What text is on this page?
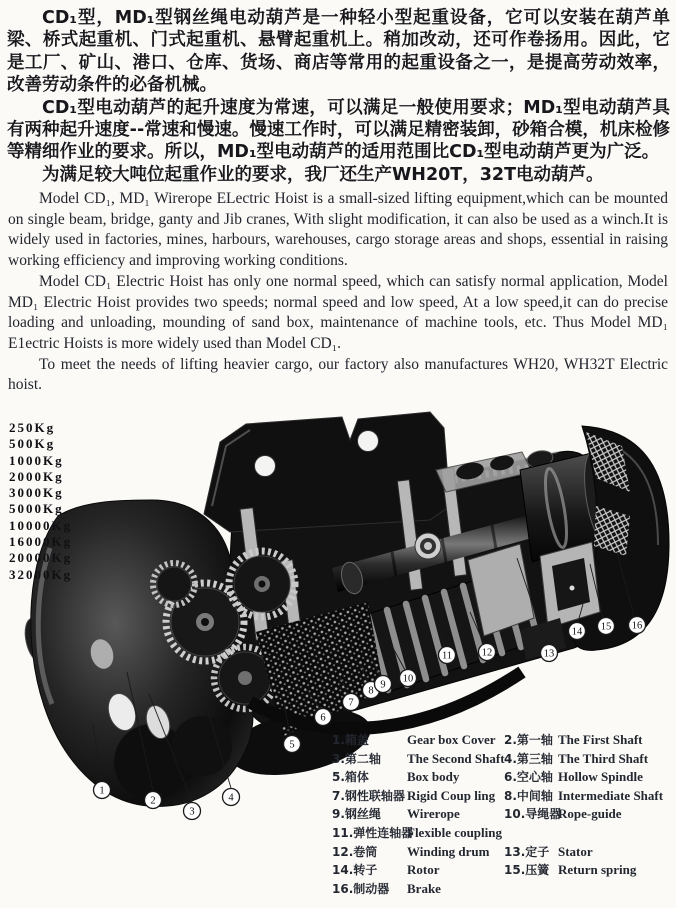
1
2
3
4
5
6
7
8
9
10
11	12	13
14 15 16

CD₁型，MD₁型钢丝绳电动葫芦是一种轻小型起重设备，它可以安装在葫芦单梁、桥式起重机、门式起重机、悬臂起重机上。稍加改动，还可作卷扬用。因此，它是工厂、矿山、港口、仓库、货场、商店等常用的起重设备之一，是提高劳动效率，改善劳动条件的必备机械。

CD₁型电动葫芦的起升速度为常速，可以满足一般使用要求；MD₁型电动葫芦具有两种起升速度--常速和慢速。慢速工作时，可以满足精密装卸，砂箱合模，机床检修等精细作业的要求。所以，MD₁型电动葫芦的适用范围比CD₁型电动葫芦更为广泛。

为满足较大吨位起重作业的要求，我厂还生产WH20T，32T电动葫芦。

Model CD₁, MD₁ Wirerope ELectric Hoist is a small-sized lifting equipment,which can be mounted on single beam, bridge, ganty and Jib cranes, With slight modification, it can also be used as a winch.It is widely used in factories, mines, harbours, warehouses, cargo storage areas and shops, essential in raising working efficiency and improving working conditions.

Model CD₁ Electric Hoist has only one normal speed, which can satisfy normal application, Model MD₁ Electric Hoist provides two speeds; normal speed and low speed, At a low speed,it can do precise loading and unloading, mounding of sand box, maintenance of machine tools, etc. Thus Model MD₁ E1ectric Hoists is more widely used than Model CD₁.

To meet the needs of lifting heavier cargo, our factory also manufactures WH20, WH32T Electric hoist.

250Kg
500Kg
1000Kg
2000Kg
3000Kg
5000Kg
10000Kg
16000Kg
20000Kg
32000Kg
1.箱盖	Gear box Cover 2.第一轴 The First Shaft
3.第二轴	The Second Shaft 4.第三轴 The Third Shaft
5.箱体	Box body	6.空心轴 Hollow Spindle
7.钢性联轴器 Rigid Coup ling 8.中间轴 Intermediate Shaft
9.钢丝绳	Wirerope	10.导绳器
Rope-guide
11.弹性连轴器
Flexible coupling
12.卷筒	Winding drum	13.定子 Stator
14.转子	Rotor	15.压簧 Return spring
16.制动器	Brake
